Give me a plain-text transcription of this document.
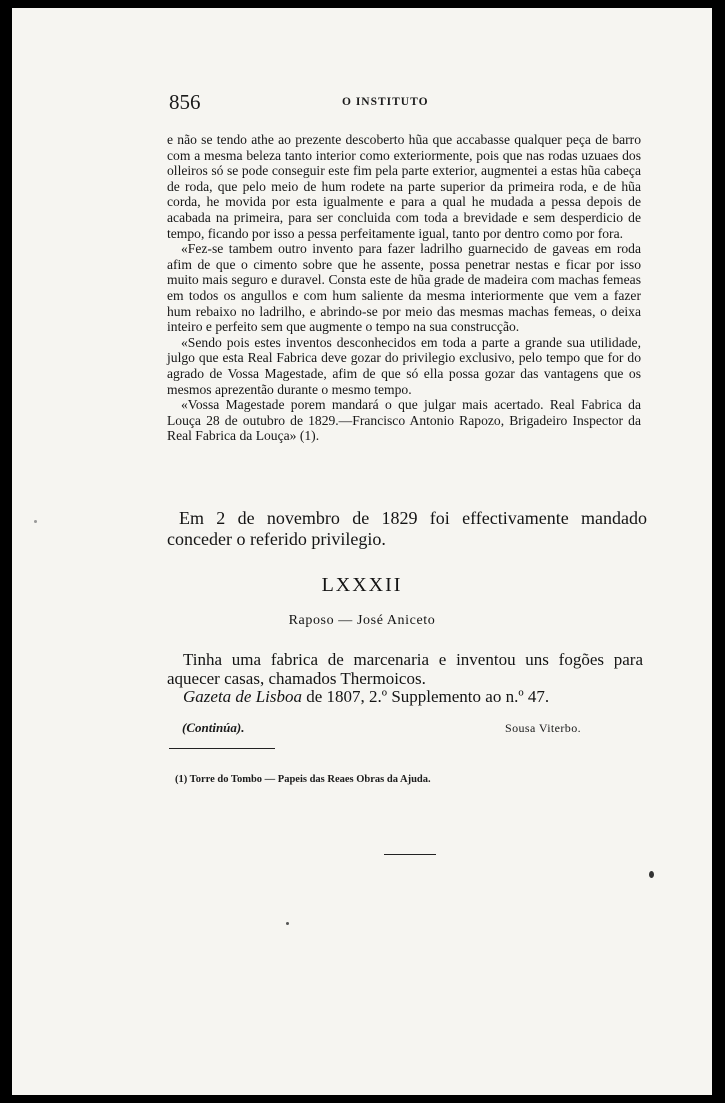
856	O INSTITUTO

e não se tendo athe ao prezente descoberto hũa que accabasse qualquer peça de barro com a mesma beleza tanto interior como exteriormente, pois que nas rodas uzuaes dos olleiros só se pode conseguir este fim pela parte exterior, augmentei a estas hũa cabeça de roda, que pelo meio de hum rodete na parte superior da primeira roda, e de hũa corda, he movida por esta igualmente e para a qual he mudada a pessa depois de acabada na primeira, para ser concluida com toda a brevidade e sem desperdicio de tempo, ficando por isso a pessa perfeitamente igual, tanto por dentro como por fora.

«Fez-se tambem outro invento para fazer ladrilho guarnecido de gaveas em roda afim de que o cimento sobre que he assente, possa penetrar nestas e ficar por isso muito mais seguro e duravel. Consta este de hũa grade de madeira com machas femeas em todos os angullos e com hum saliente da mesma interiormente que vem a fazer hum rebaixo no ladrilho, e abrindo-se por meio das mesmas machas femeas, o deixa inteiro e perfeito sem que augmente o tempo na sua construcção.

«Sendo pois estes inventos desconhecidos em toda a parte a grande sua utilidade, julgo que esta Real Fabrica deve gozar do privilegio exclusivo, pelo tempo que for do agrado de Vossa Magestade, afim de que só ella possa gozar das vantagens que os mesmos aprezentão durante o mesmo tempo.

«Vossa Magestade porem mandará o que julgar mais acertado. Real Fabrica da Louça 28 de outubro de 1829.—Francisco Antonio Rapozo, Brigadeiro Inspector da Real Fabrica da Louça» (1).

Em 2 de novembro de 1829 foi effectivamente mandado conceder o referido privilegio.

LXXXII
Raposo — José Aniceto

Tinha uma fabrica de marcenaria e inventou uns fogões para aquecer casas, chamados Thermoicos.

Gazeta de Lisboa de 1807, 2.º Supplemento ao n.º 47.

(Continúa).	Sousa Viterbo.
(1) Torre do Tombo — Papeis das Reaes Obras da Ajuda.
